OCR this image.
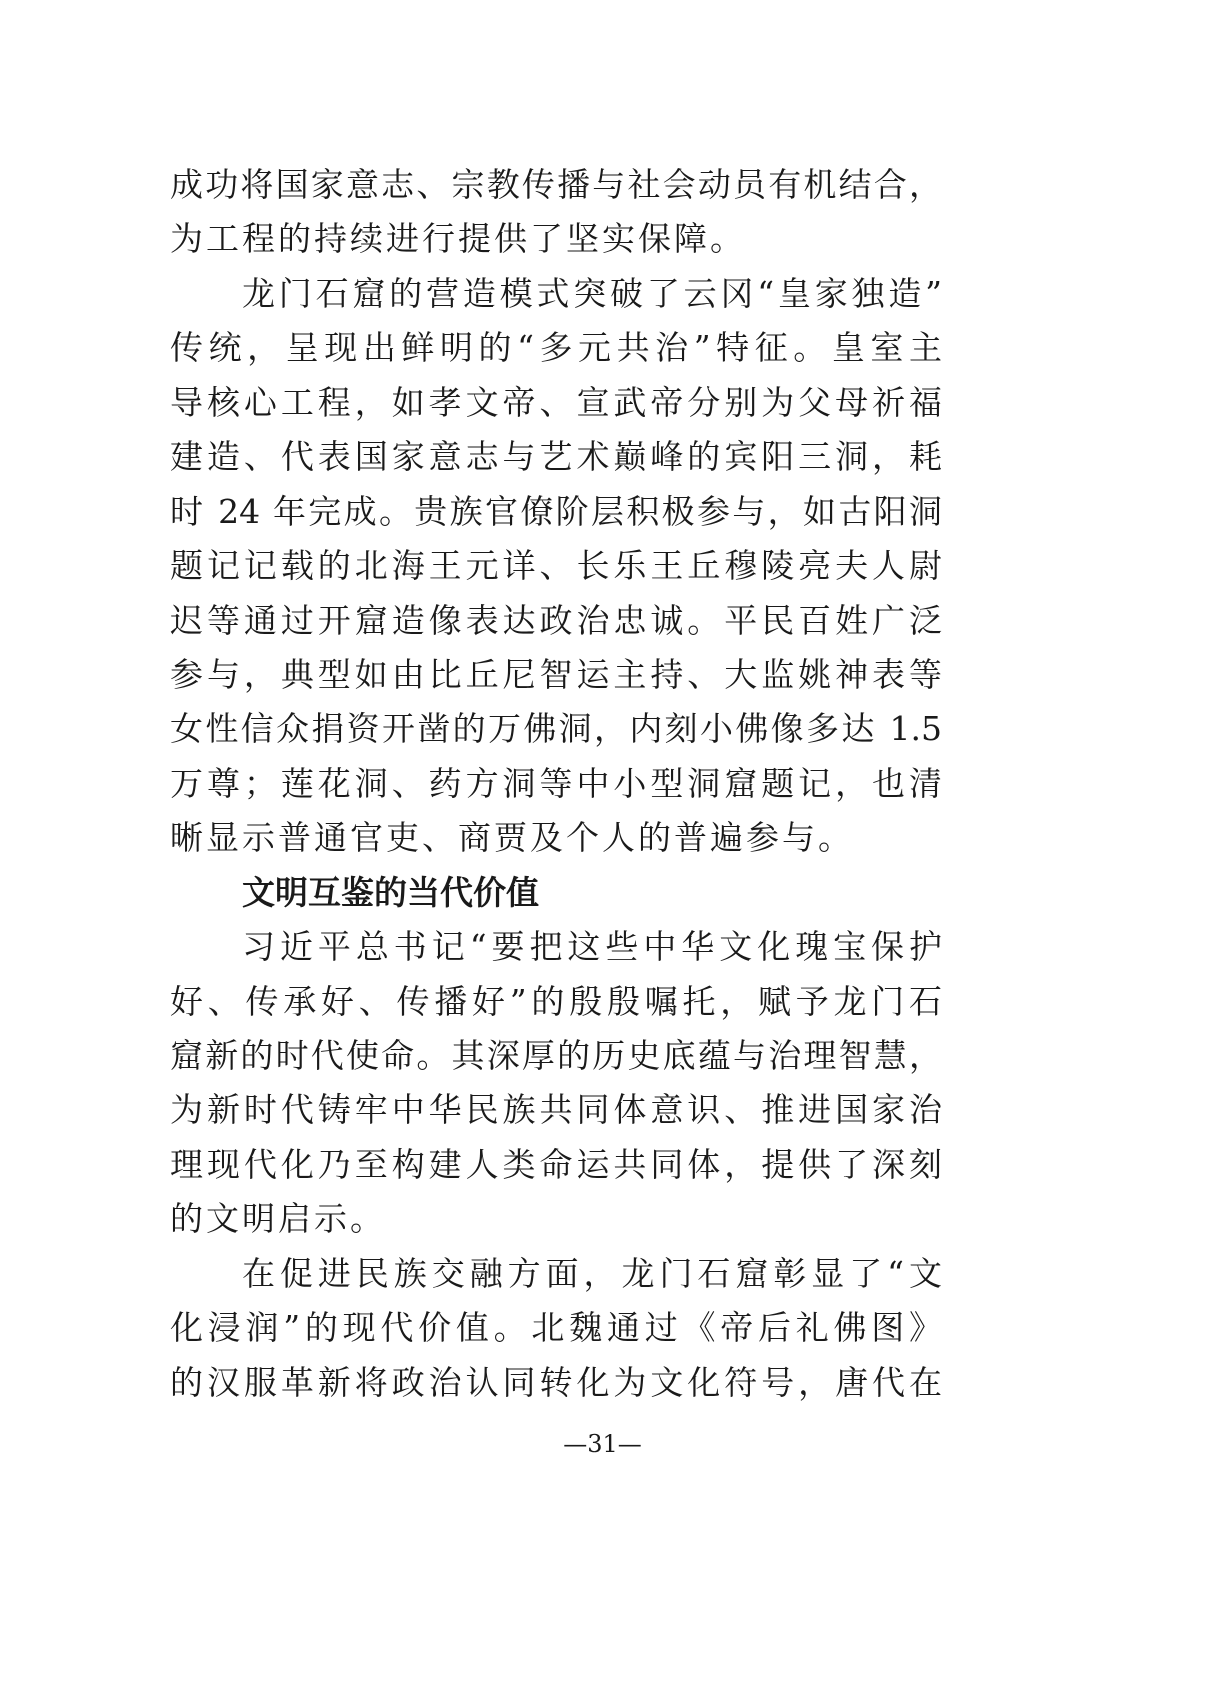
成功将国家意志、宗教传播与社会动员有机结合，
为工程的持续进行提供了坚实保障。
龙门石窟的营造模式突破了云冈“皇家独造”
传统，呈现出鲜明的“多元共治”特征。皇室主
导核心工程，如孝文帝、宣武帝分别为父母祈福
建造、代表国家意志与艺术巅峰的宾阳三洞，耗
时 24 年完成。贵族官僚阶层积极参与，如古阳洞
题记记载的北海王元详、长乐王丘穆陵亮夫人尉
迟等通过开窟造像表达政治忠诚。平民百姓广泛
参与，典型如由比丘尼智运主持、大监姚神表等
女性信众捐资开凿的万佛洞，内刻小佛像多达 1.5
万尊；莲花洞、药方洞等中小型洞窟题记，也清
晰显示普通官吏、商贾及个人的普遍参与。
文明互鉴的当代价值
习近平总书记“要把这些中华文化瑰宝保护
好、传承好、传播好”的殷殷嘱托，赋予龙门石
窟新的时代使命。其深厚的历史底蕴与治理智慧，
为新时代铸牢中华民族共同体意识、推进国家治
理现代化乃至构建人类命运共同体，提供了深刻
的文明启示。
在促进民族交融方面，龙门石窟彰显了“文
化浸润”的现代价值。北魏通过《帝后礼佛图》
的汉服革新将政治认同转化为文化符号，唐代在
—31—
